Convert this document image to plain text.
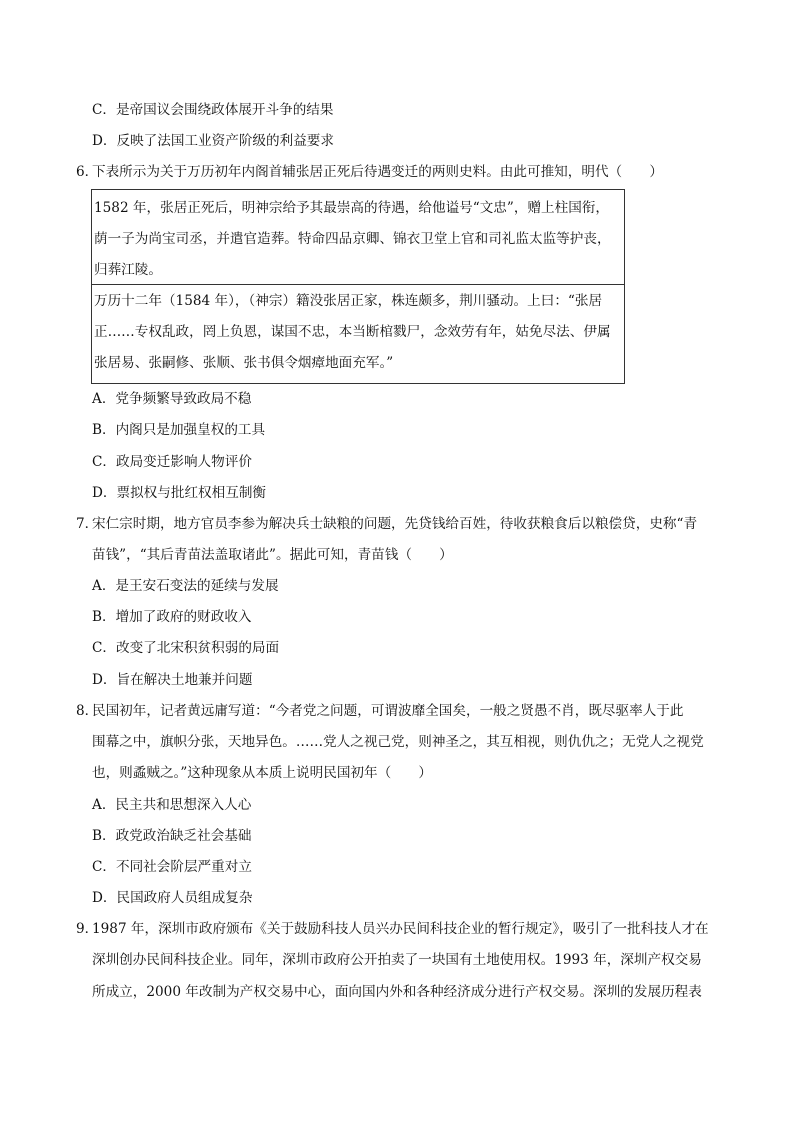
C．是帝国议会围绕政体展开斗争的结果
D．反映了法国工业资产阶级的利益要求
6．
下表所示为关于万历初年内阁首辅张居正死后待遇变迁的两则史料。由此可推知，明代（　　）
1582 年，张居正死后，明神宗给予其最崇高的待遇，给他谥号“文忠”，赠上柱国衔，
荫一子为尚宝司丞，并遣官造葬。特命四品京卿、锦衣卫堂上官和司礼监太监等护丧，
归葬江陵。
万历十二年（1584 年），（神宗）籍没张居正家，株连颇多，荆川骚动。上曰：“张居
正……专权乱政，罔上负恩，谋国不忠，本当断棺戮尸，念效劳有年，姑免尽法、伊属
张居易、张嗣修、张顺、张书俱令烟瘴地面充军。”
A．党争频繁导致政局不稳
B．内阁只是加强皇权的工具
C．政局变迁影响人物评价
D．票拟权与批红权相互制衡
7．
宋仁宗时期，地方官员李参为解决兵士缺粮的问题，先贷钱给百姓，待收获粮食后以粮偿贷，史称“青
苗钱”，“其后青苗法盖取诸此”。据此可知，青苗钱（　　）
A．是王安石变法的延续与发展
B．增加了政府的财政收入
C．改变了北宋积贫积弱的局面
D．旨在解决土地兼并问题
8．
民国初年，记者黄远庸写道：“今者党之问题，可谓波靡全国矣，一般之贤愚不肖，既尽驱率人于此
围幕之中，旗帜分张，天地异色。……党人之视己党，则神圣之，其互相视，则仇仇之；无党人之视党
也，则蟊贼之。”这种现象从本质上说明民国初年（　　）
A．民主共和思想深入人心
B．政党政治缺乏社会基础
C．不同社会阶层严重对立
D．民国政府人员组成复杂
9．
1987 年，深圳市政府颁布《关于鼓励科技人员兴办民间科技企业的暂行规定》，吸引了一批科技人才在
深圳创办民间科技企业。同年，深圳市政府公开拍卖了一块国有土地使用权。1993 年，深圳产权交易
所成立，2000 年改制为产权交易中心，面向国内外和各种经济成分进行产权交易。深圳的发展历程表
